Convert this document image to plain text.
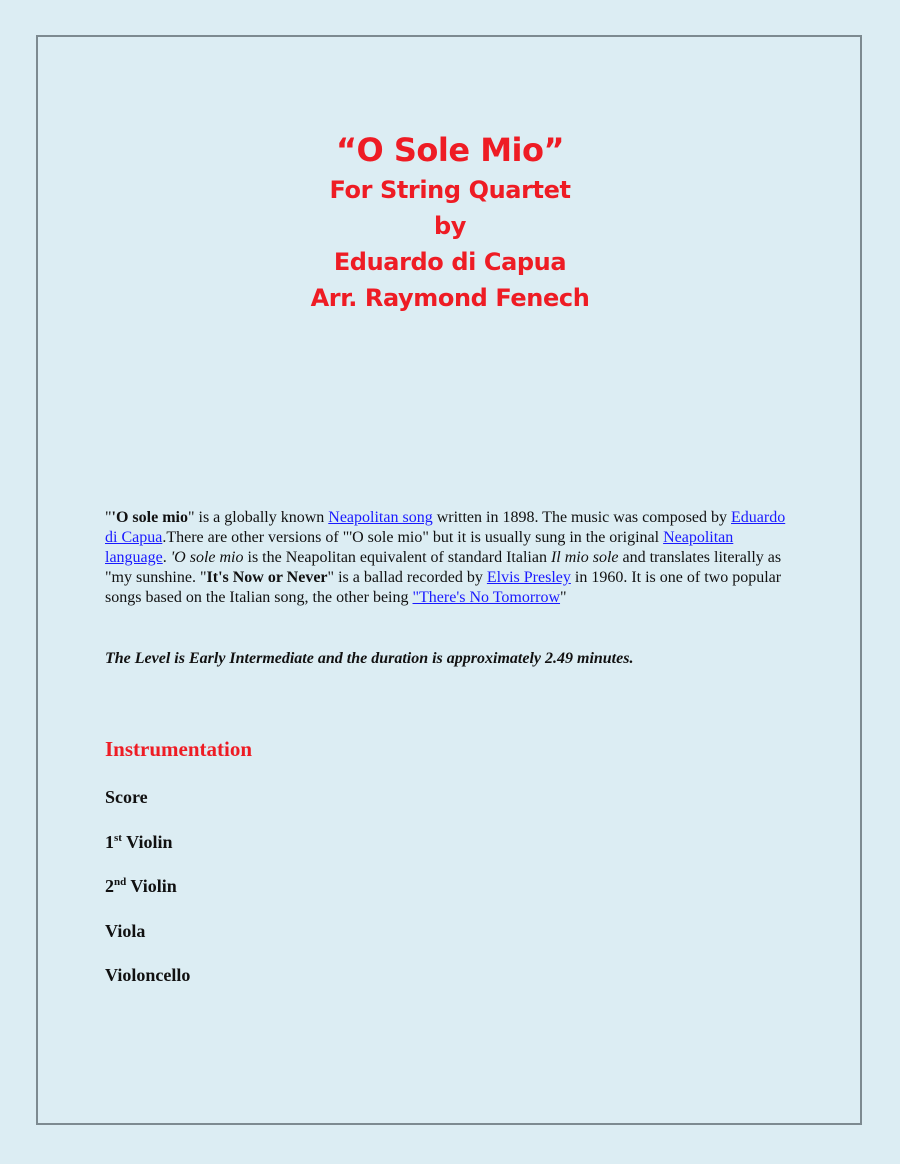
“O Sole Mio”
For String Quartet
by
Eduardo di Capua
Arr. Raymond Fenech
"'O sole mio" is a globally known Neapolitan song written in 1898. The music was composed by Eduardo di Capua.There are other versions of "'O sole mio" but it is usually sung in the original Neapolitan language. 'O sole mio is the Neapolitan equivalent of standard Italian Il mio sole and translates literally as "my sunshine. "It's Now or Never" is a ballad recorded by Elvis Presley in 1960. It is one of two popular songs based on the Italian song, the other being "There's No Tomorrow"
The Level is Early Intermediate and the duration is approximately 2.49 minutes.
Instrumentation
Score
1st Violin
2nd Violin
Viola
Violoncello
